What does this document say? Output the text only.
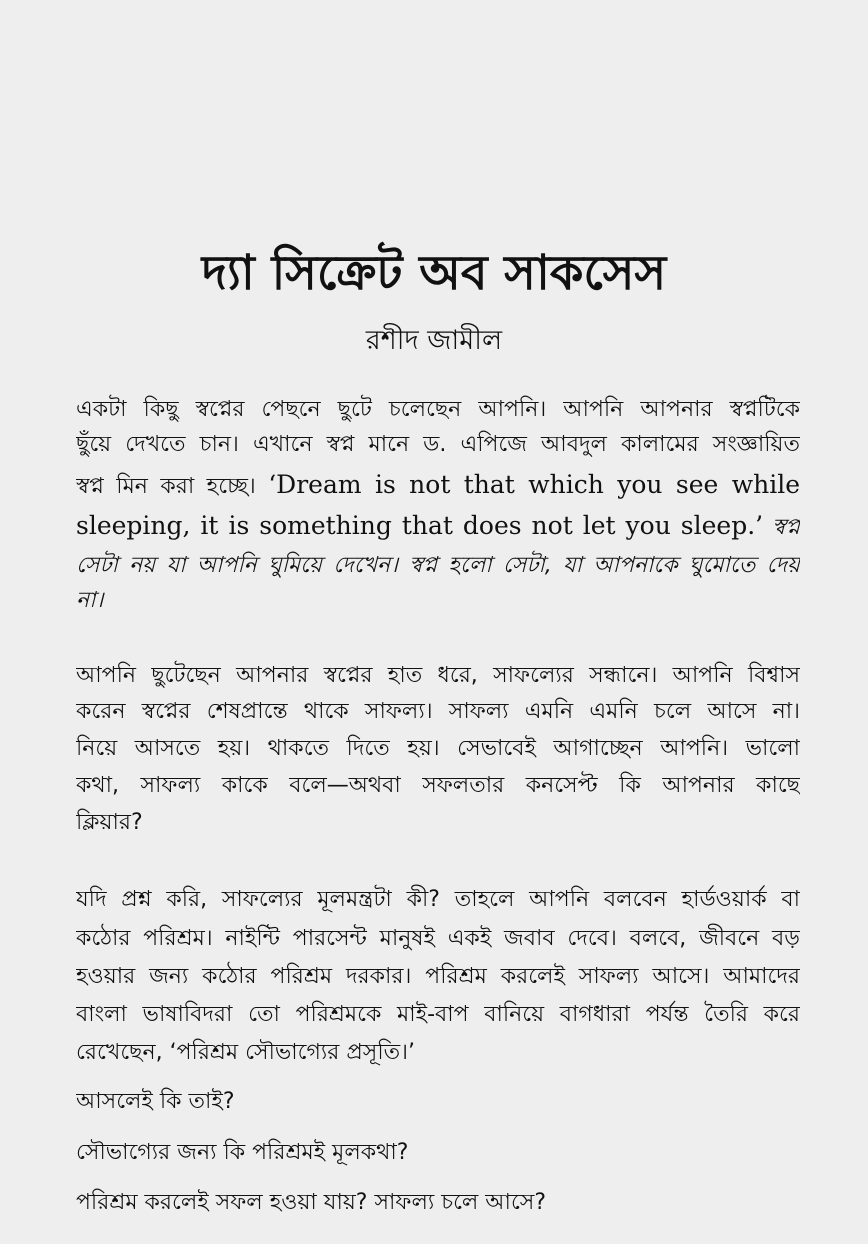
দ্যা সিক্রেট অব সাকসেস
রশীদ জামীল
একটা কিছু স্বপ্নের পেছনে ছুটে চলেছেন আপনি। আপনি আপনার স্বপ্নটিকে
ছুঁয়ে দেখতে চান। এখানে স্বপ্ন মানে ড. এপিজে আবদুল কালামের সংজ্ঞায়িত
স্বপ্ন মিন করা হচ্ছে। ‘Dream is not that which you see while
sleeping, it is something that does not let you sleep.’ স্বপ্ন
সেটা নয় যা আপনি ঘুমিয়ে দেখেন। স্বপ্ন হলো সেটা, যা আপনাকে ঘুমোতে দেয়
না।
আপনি ছুটেছেন আপনার স্বপ্নের হাত ধরে, সাফল্যের সন্ধানে। আপনি বিশ্বাস
করেন স্বপ্নের শেষপ্রান্তে থাকে সাফল্য। সাফল্য এমনি এমনি চলে আসে না।
নিয়ে আসতে হয়। থাকতে দিতে হয়। সেভাবেই আগাচ্ছেন আপনি। ভালো
কথা, সাফল্য কাকে বলে—অথবা সফলতার কনসেপ্ট কি আপনার কাছে
ক্লিয়ার?
যদি প্রশ্ন করি, সাফল্যের মূলমন্ত্রটা কী? তাহলে আপনি বলবেন হার্ডওয়ার্ক বা
কঠোর পরিশ্রম। নাইন্টি পারসেন্ট মানুষই একই জবাব দেবে। বলবে, জীবনে বড়
হওয়ার জন্য কঠোর পরিশ্রম দরকার। পরিশ্রম করলেই সাফল্য আসে। আমাদের
বাংলা ভাষাবিদরা তো পরিশ্রমকে মাই-বাপ বানিয়ে বাগধারা পর্যন্ত তৈরি করে
রেখেছেন, ‘পরিশ্রম সৌভাগ্যের প্রসূতি।’
আসলেই কি তাই?
সৌভাগ্যের জন্য কি পরিশ্রমই মূলকথা?
পরিশ্রম করলেই সফল হওয়া যায়? সাফল্য চলে আসে?
